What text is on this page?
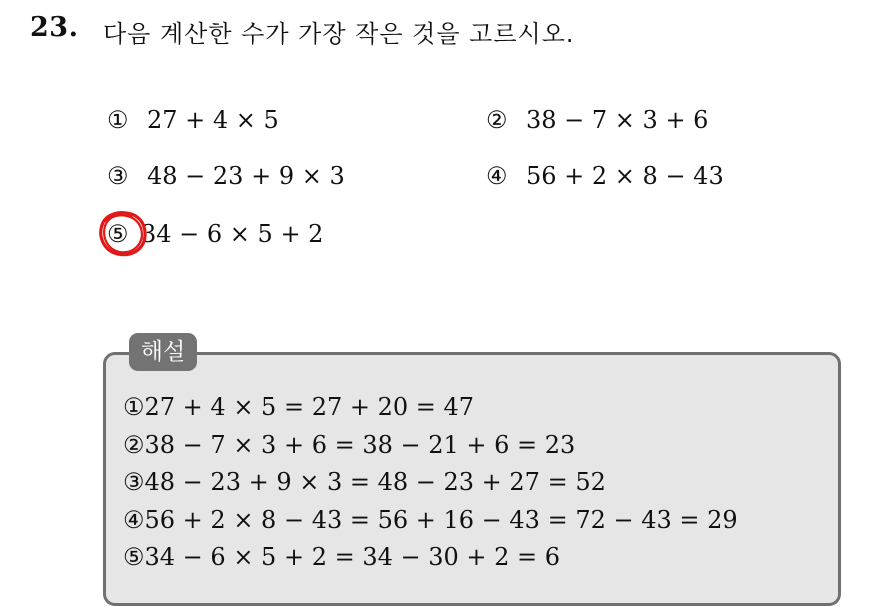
23. 다음 계산한 수가 가장 작은 것을 고르시오.
① 27 + 4 × 5	② 38 − 7 × 3 + 6
③ 48 − 23 + 9 × 3	④ 56 + 2 × 8 − 43
⑤ 34 − 6 × 5 + 2
해설
①27 + 4 × 5 = 27 + 20 = 47
②38 − 7 × 3 + 6 = 38 − 21 + 6 = 23
③48 − 23 + 9 × 3 = 48 − 23 + 27 = 52
④56 + 2 × 8 − 43 = 56 + 16 − 43 = 72 − 43 = 29
⑤34 − 6 × 5 + 2 = 34 − 30 + 2 = 6
